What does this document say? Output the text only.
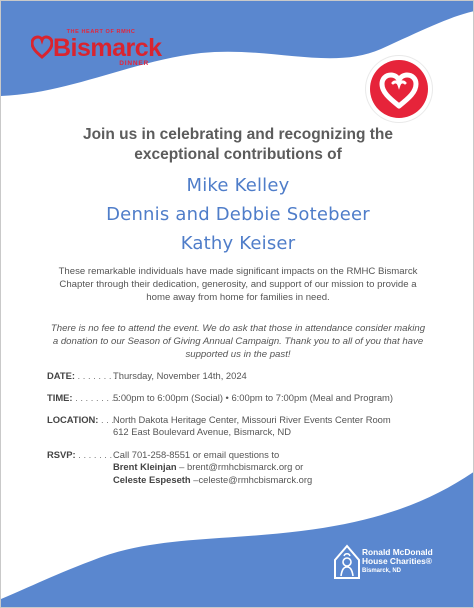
THE HEART OF RMHC
Bismarck
DINNER
Join us in celebrating and recognizing the
exceptional contributions of
Mike Kelley
Dennis and Debbie Sotebeer
Kathy Keiser
These remarkable individuals have made significant impacts on the RMHC Bismarck
Chapter through their dedication, generosity, and support of our mission to provide a
home away from home for families in need.
There is no fee to attend the event. We do ask that those in attendance consider making
a donation to our Season of Giving Annual Campaign. Thank you to all of you that have
supported us in the past!
DATE: . . . . . . . . .
Thursday, November 14th, 2024
TIME: . . . . . . . . .
5:00pm to 6:00pm (Social) • 6:00pm to 7:00pm (Meal and Program)
LOCATION: . . .
North Dakota Heritage Center, Missouri River Events Center Room
612 East Boulevard Avenue, Bismarck, ND
RSVP: . . . . . . . . .
Call 701-258-8551 or email questions to
Brent Kleinjan – brent@rmhcbismarck.org or
Celeste Espeseth –celeste@rmhcbismarck.org
Ronald McDonald
House Charities®
Bismarck, ND
